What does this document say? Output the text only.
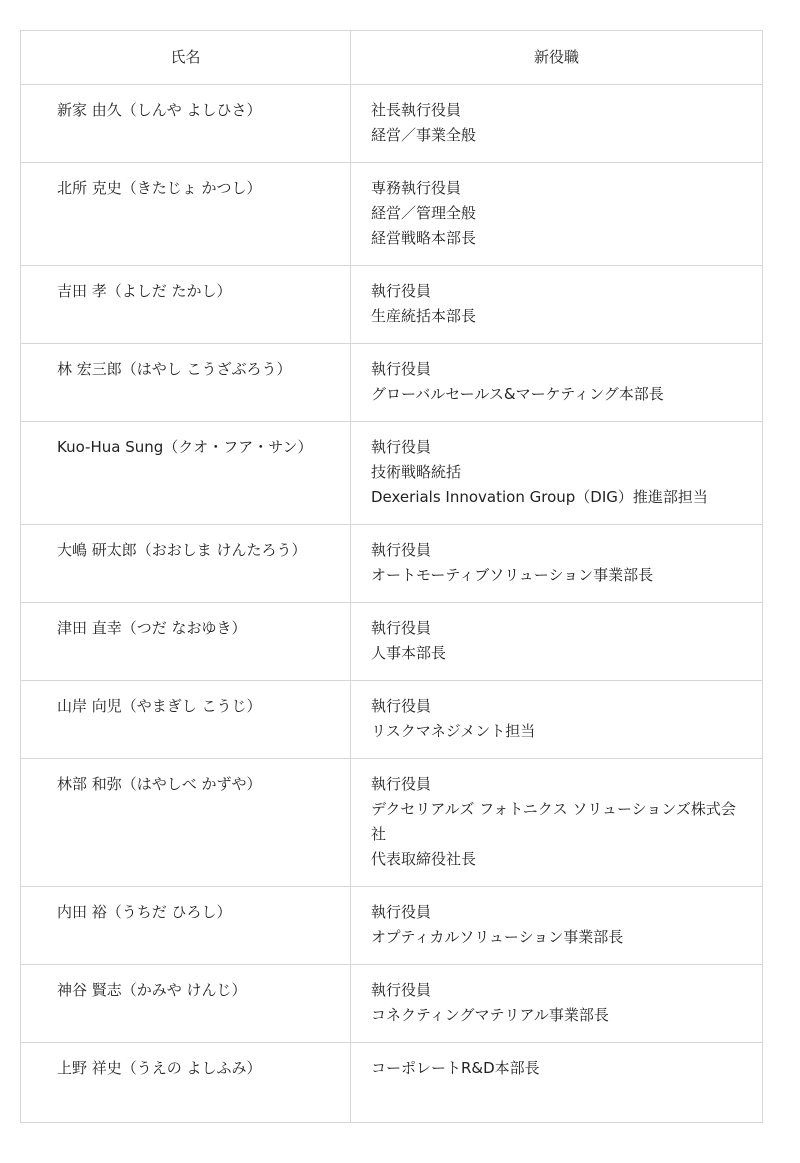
氏名	新役職
新家 由久（しんや よしひさ）	社長執行役員
経営／事業全般

北所 克史（きたじょ かつし）	専務執行役員
経営／管理全般
経営戦略本部長

吉田 孝（よしだ たかし）	執行役員
生産統括本部長

林 宏三郎（はやし こうざぶろう）	執行役員
グローバルセールス&マーケティング本部長

Kuo-Hua Sung（クオ・フア・サン）	執行役員
技術戦略統括
Dexerials Innovation Group（DIG）推進部担当

大嶋 研太郎（おおしま けんたろう）	執行役員
オートモーティブソリューション事業部長

津田 直幸（つだ なおゆき）	執行役員
人事本部長

山岸 向児（やまぎし こうじ）	執行役員
リスクマネジメント担当

林部 和弥（はやしべ かずや）	執行役員
デクセリアルズ フォトニクス ソリューションズ株式会社
代表取締役社長

内田 裕（うちだ ひろし）	執行役員
オプティカルソリューション事業部長

神谷 賢志（かみや けんじ）	執行役員
コネクティングマテリアル事業部長

上野 祥史（うえの よしふみ）	コーポレートR&D本部長
